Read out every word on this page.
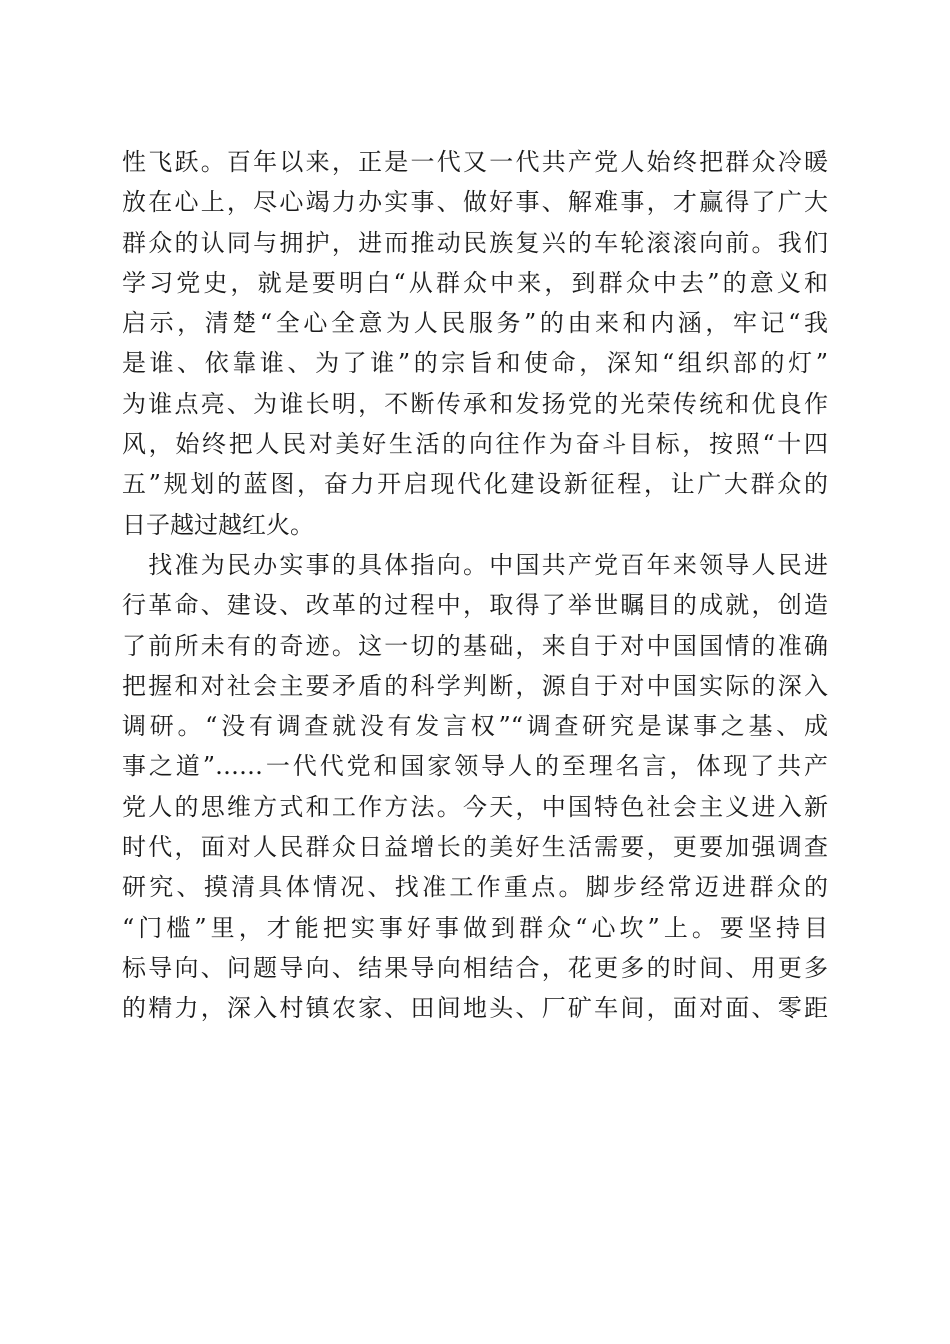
性飞跃。百年以来，正是一代又一代共产党人始终把群众冷暖
放在心上，尽心竭力办实事、做好事、解难事，才赢得了广大
群众的认同与拥护，进而推动民族复兴的车轮滚滚向前。我们
学习党史，就是要明白“从群众中来，到群众中去”的意义和
启示，清楚“全心全意为人民服务”的由来和内涵，牢记“我
是谁、依靠谁、为了谁”的宗旨和使命，深知“组织部的灯”
为谁点亮、为谁长明，不断传承和发扬党的光荣传统和优良作
风，始终把人民对美好生活的向往作为奋斗目标，按照“十四
五”规划的蓝图，奋力开启现代化建设新征程，让广大群众的
日子越过越红火。
　找准为民办实事的具体指向。中国共产党百年来领导人民进
行革命、建设、改革的过程中，取得了举世瞩目的成就，创造
了前所未有的奇迹。这一切的基础，来自于对中国国情的准确
把握和对社会主要矛盾的科学判断，源自于对中国实际的深入
调研。“没有调查就没有发言权”“调查研究是谋事之基、成
事之道”……一代代党和国家领导人的至理名言，体现了共产
党人的思维方式和工作方法。今天，中国特色社会主义进入新
时代，面对人民群众日益增长的美好生活需要，更要加强调查
研究、摸清具体情况、找准工作重点。脚步经常迈进群众的
“门槛”里，才能把实事好事做到群众“心坎”上。要坚持目
标导向、问题导向、结果导向相结合，花更多的时间、用更多
的精力，深入村镇农家、田间地头、厂矿车间，面对面、零距
